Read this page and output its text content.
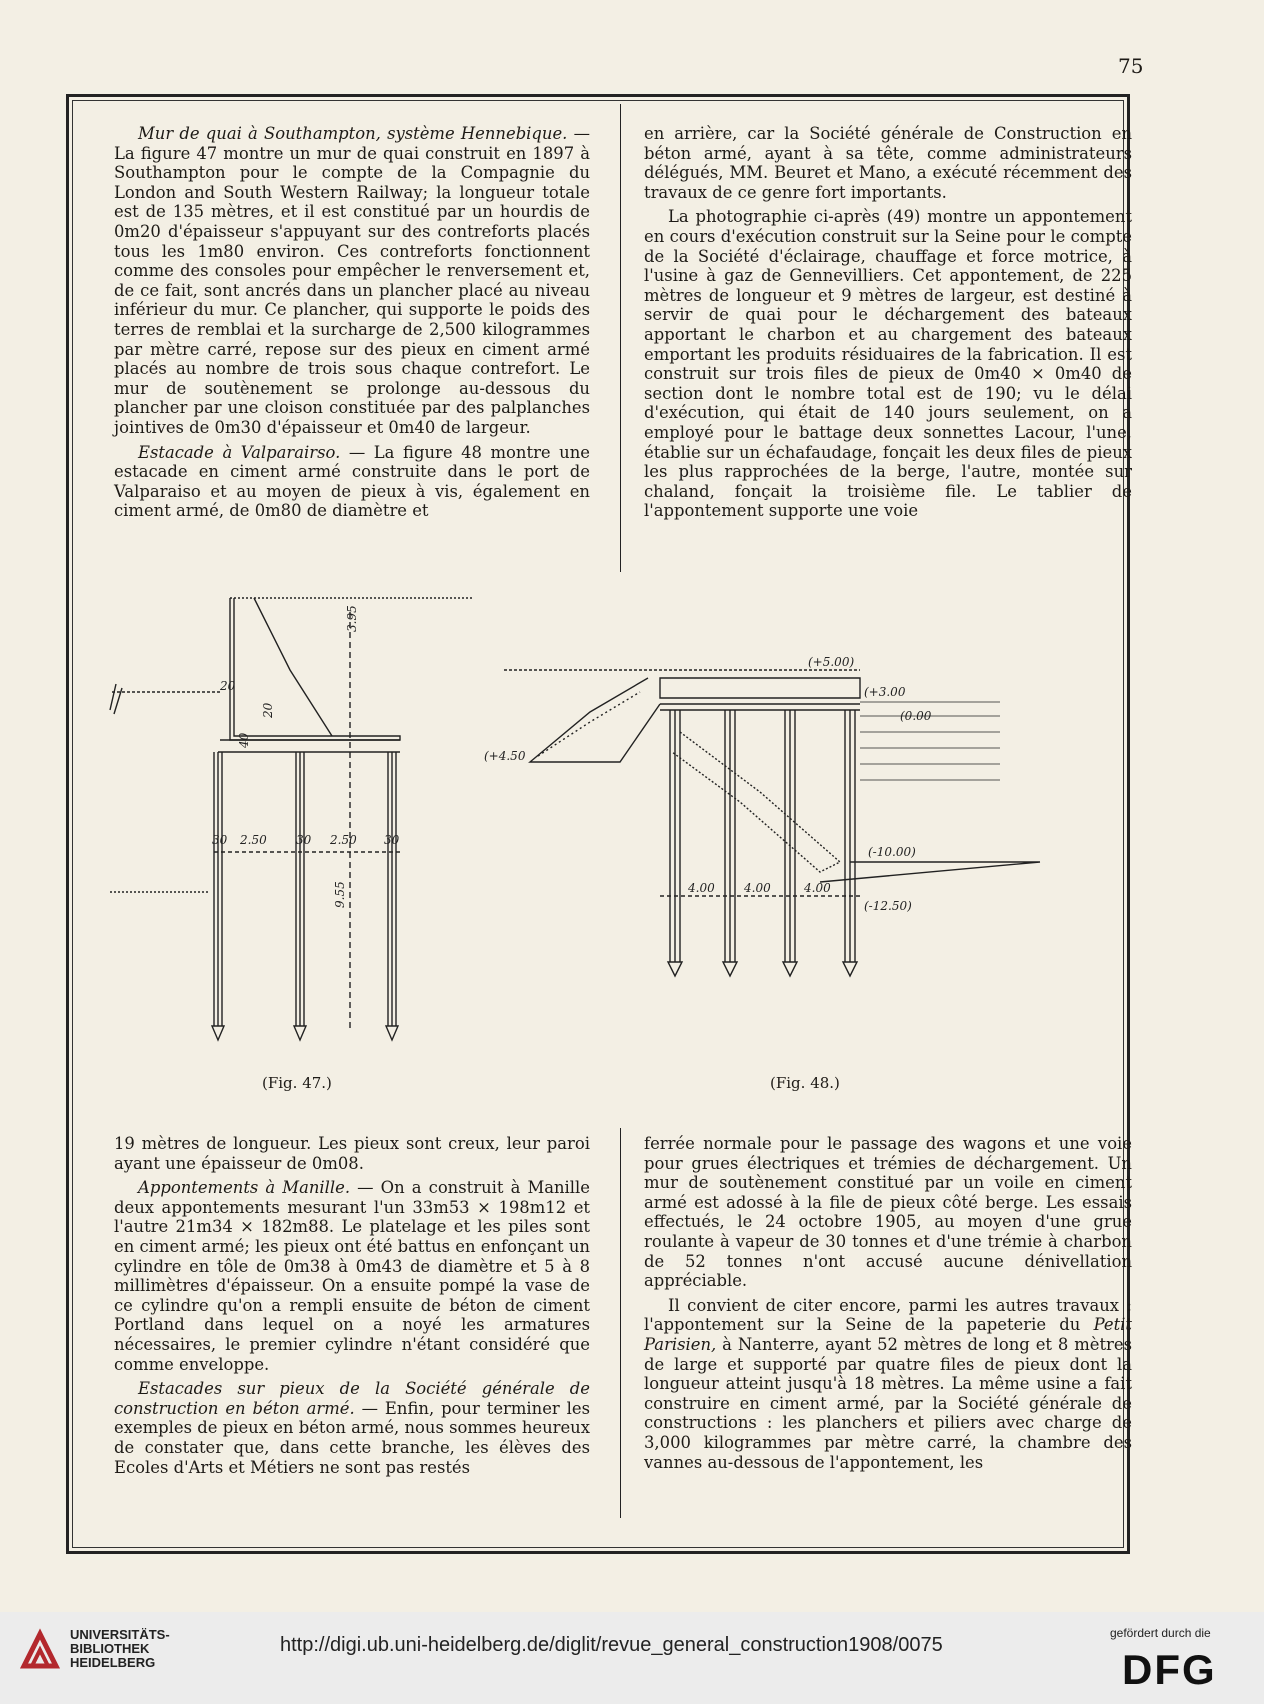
75

Mur de quai à Southampton, système Hennebique. — La figure 47 montre un mur de quai construit en 1897 à Southampton pour le compte de la Compagnie du London and South Western Railway; la longueur totale est de 135 mètres, et il est constitué par un hourdis de 0m20 d'épaisseur s'appuyant sur des contreforts placés tous les 1m80 environ. Ces contreforts fonctionnent comme des consoles pour empêcher le renversement et, de ce fait, sont ancrés dans un plancher placé au niveau inférieur du mur. Ce plancher, qui supporte le poids des terres de remblai et la surcharge de 2,500 kilogrammes par mètre carré, repose sur des pieux en ciment armé placés au nombre de trois sous chaque contrefort. Le mur de soutènement se prolonge au-dessous du plancher par une cloison constituée par des palplanches jointives de 0m30 d'épaisseur et 0m40 de largeur.

Estacade à Valparairso. — La figure 48 montre une estacade en ciment armé construite dans le port de Valparaiso et au moyen de pieux à vis, également en ciment armé, de 0m80 de diamètre et

en arrière, car la Société générale de Construction en béton armé, ayant à sa tête, comme administrateurs délégués, MM. Beuret et Mano, a exécuté récemment des travaux de ce genre fort importants.

La photographie ci-après (49) montre un appontement en cours d'exécution construit sur la Seine pour le compte de la Société d'éclairage, chauffage et force motrice, à l'usine à gaz de Gennevilliers. Cet appontement, de 225 mètres de longueur et 9 mètres de largeur, est destiné à servir de quai pour le déchargement des bateaux apportant le charbon et au chargement des bateaux emportant les produits résiduaires de la fabrication. Il est construit sur trois files de pieux de 0m40 × 0m40 de section dont le nombre total est de 190; vu le délai d'exécution, qui était de 140 jours seulement, on a employé pour le battage deux sonnettes Lacour, l'une, établie sur un échafaudage, fonçait les deux files de pieux les plus rapprochées de la berge, l'autre, montée sur chaland, fonçait la troisième file. Le tablier de l'appontement supporte une voie

3.95
20
20
40
30 2.50 30 2.50 30
9.55
(+5.00)
(+3.00
(0.00
(+4.50
(-10.00)
(-12.50)
4.00 4.00	4.00
(Fig. 47.)	(Fig. 48.)

19 mètres de longueur. Les pieux sont creux, leur paroi ayant une épaisseur de 0m08.

Appontements à Manille. — On a construit à Manille deux appontements mesurant l'un 33m53 × 198m12 et l'autre 21m34 × 182m88. Le platelage et les piles sont en ciment armé; les pieux ont été battus en enfonçant un cylindre en tôle de 0m38 à 0m43 de diamètre et 5 à 8 millimètres d'épaisseur. On a ensuite pompé la vase de ce cylindre qu'on a rempli ensuite de béton de ciment Portland dans lequel on a noyé les armatures nécessaires, le premier cylindre n'étant considéré que comme enveloppe.

Estacades sur pieux de la Société générale de construction en béton armé. — Enfin, pour terminer les exemples de pieux en béton armé, nous sommes heureux de constater que, dans cette branche, les élèves des Ecoles d'Arts et Métiers ne sont pas restés

ferrée normale pour le passage des wagons et une voie pour grues électriques et trémies de déchargement. Un mur de soutènement constitué par un voile en ciment armé est adossé à la file de pieux côté berge. Les essais effectués, le 24 octobre 1905, au moyen d'une grue roulante à vapeur de 30 tonnes et d'une trémie à charbon de 52 tonnes n'ont accusé aucune dénivellation appréciable.

Il convient de citer encore, parmi les autres travaux : l'appontement sur la Seine de la papeterie du Petit Parisien, à Nanterre, ayant 52 mètres de long et 8 mètres de large et supporté par quatre files de pieux dont la longueur atteint jusqu'à 18 mètres. La même usine a fait construire en ciment armé, par la Société générale de constructions : les planchers et piliers avec charge de 3,000 kilogrammes par mètre carré, la chambre des vannes au-dessous de l'appontement, les

UNIVERSITÄTS-
BIBLIOTHEK
HEIDELBERG
http://digi.ub.uni-heidelberg.de/diglit/revue_general_construction1908/0075
gefördert durch die
DFG
